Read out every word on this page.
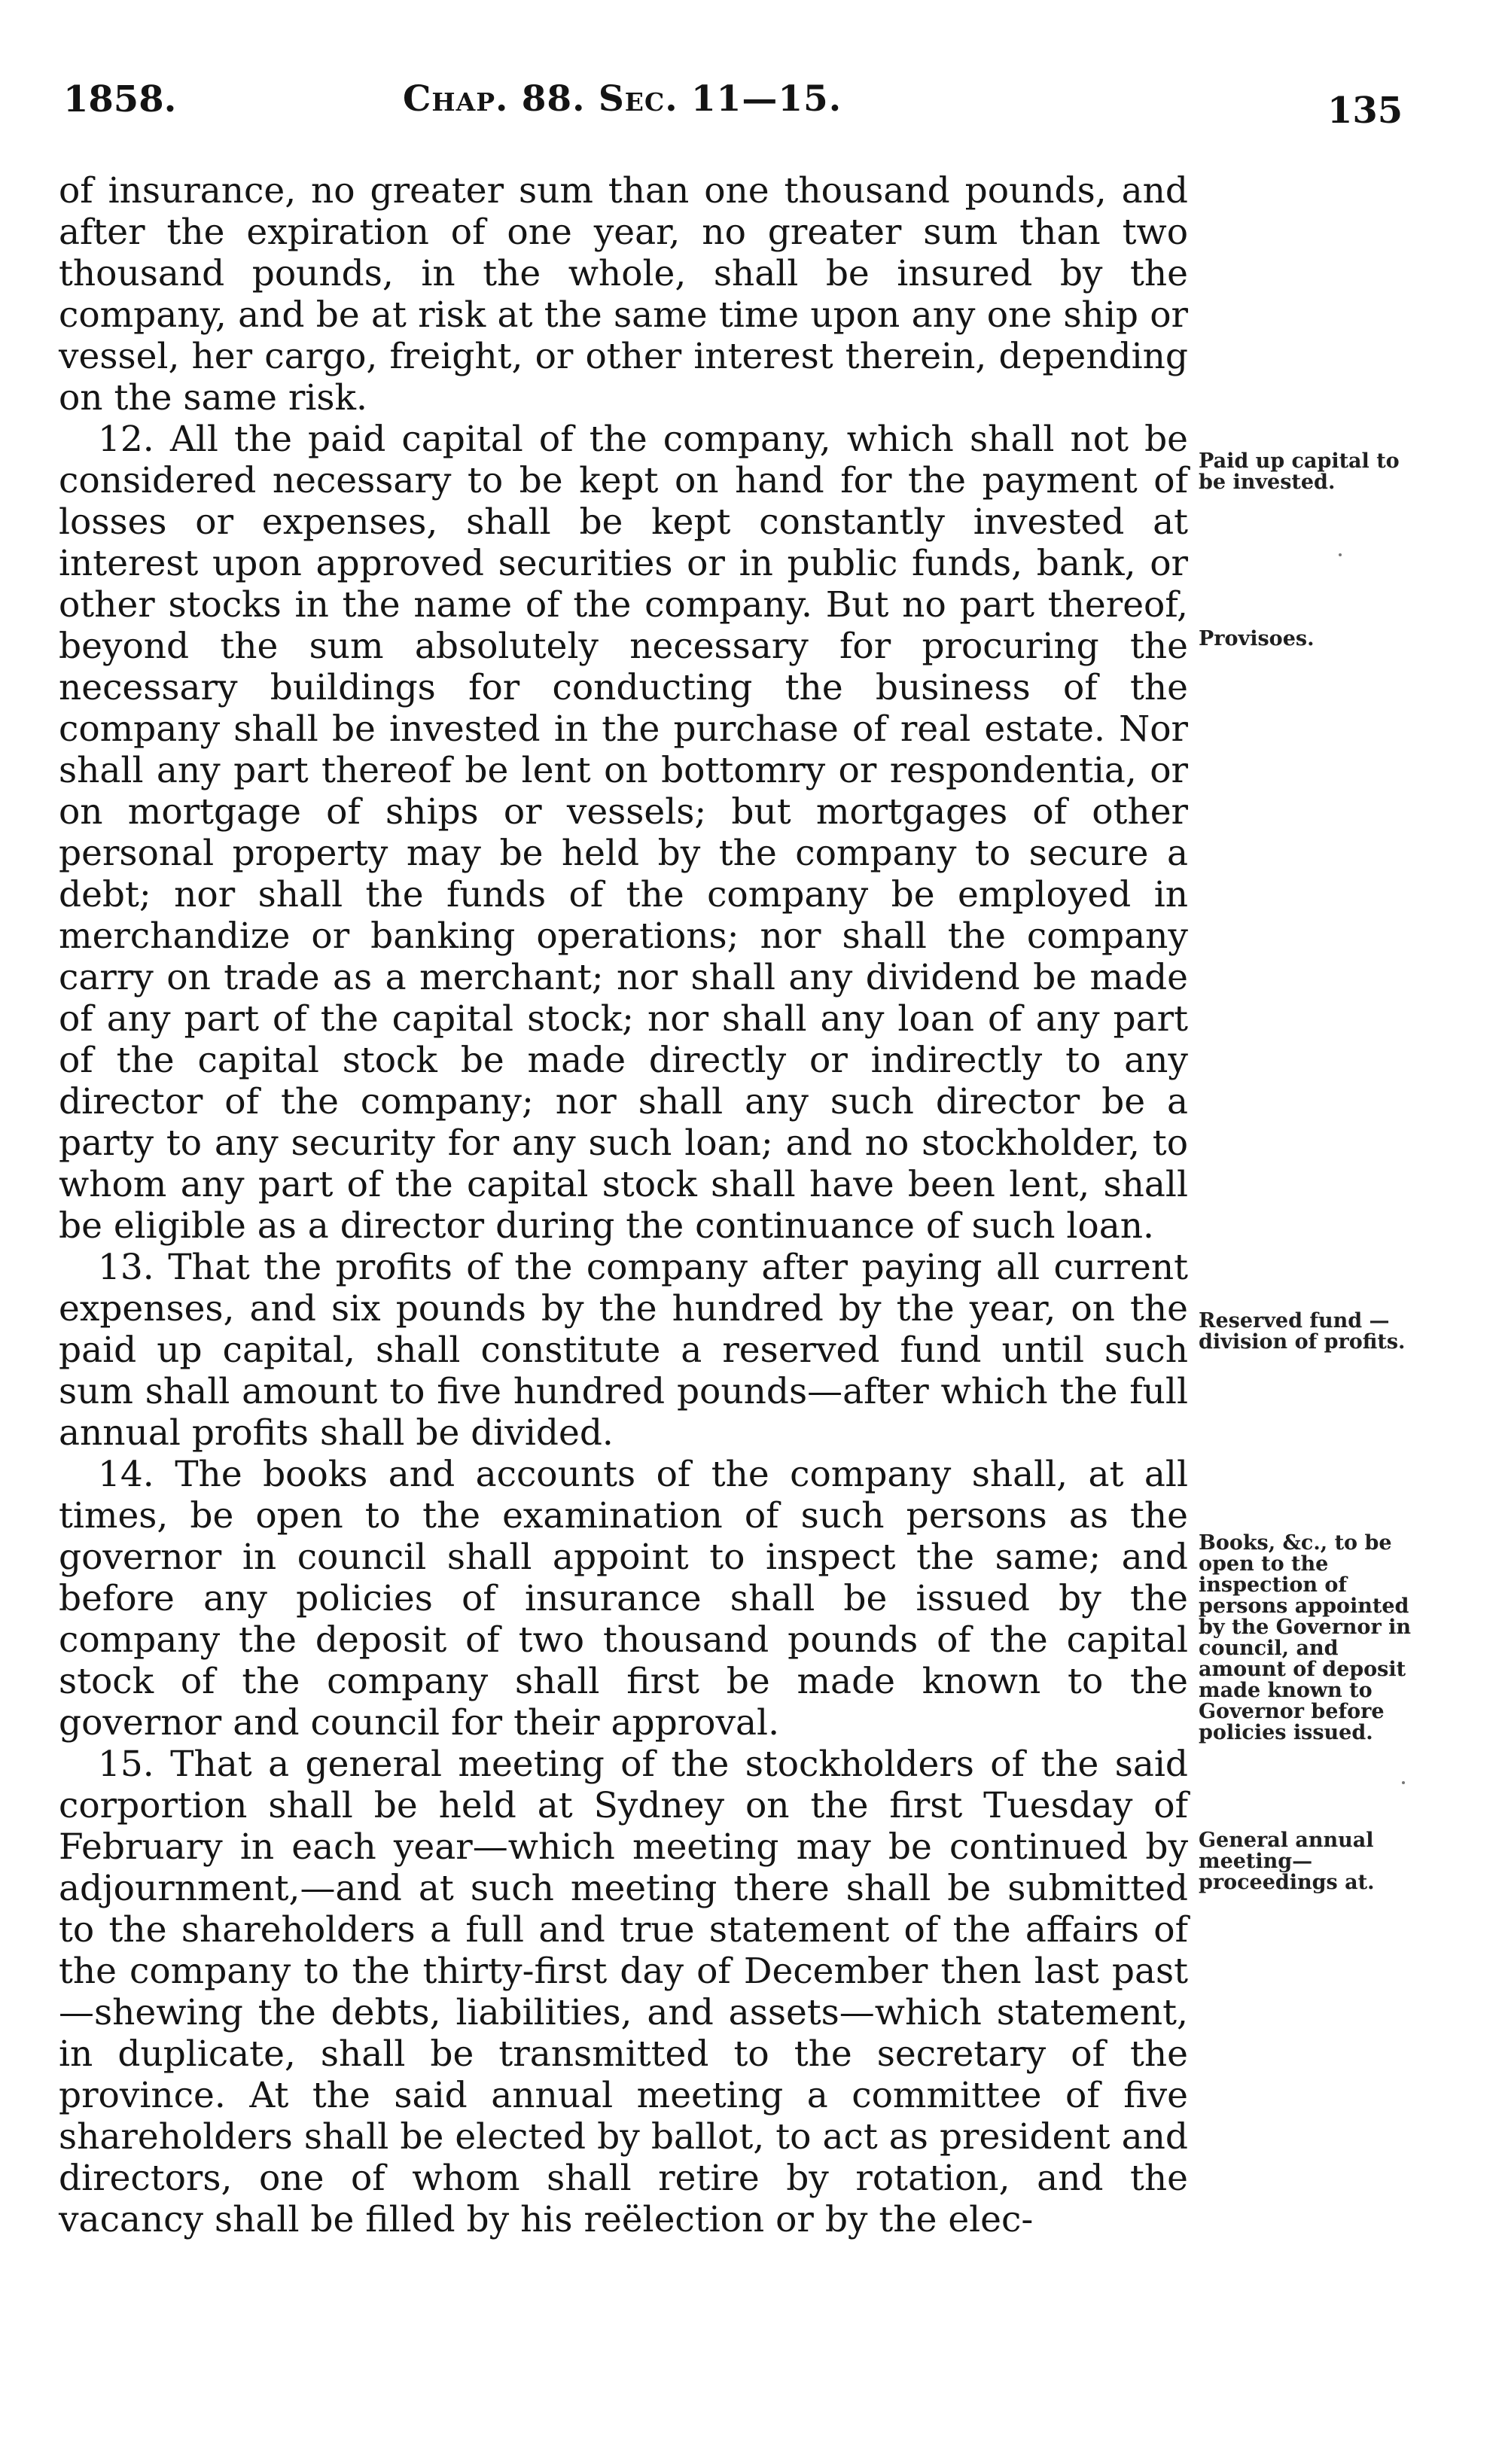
1858.	Chap. 88. Sec. 11—15.	135

of insurance, no greater sum than one thousand pounds, and after the expiration of one year, no greater sum than two thousand pounds, in the whole, shall be insured by the company, and be at risk at the same time upon any one ship or vessel, her cargo, freight, or other interest therein, depending on the same risk.

12. All the paid capital of the company, which shall not be considered necessary to be kept on hand for the payment of losses or expenses, shall be kept constantly invested at interest upon approved securities or in public funds, bank, or other stocks in the name of the company. But no part thereof, beyond the sum absolutely necessary for procuring the necessary buildings for conducting the business of the company shall be invested in the purchase of real estate. Nor shall any part thereof be lent on bottomry or respondentia, or on mortgage of ships or vessels; but mortgages of other personal property may be held by the company to secure a debt; nor shall the funds of the company be employed in merchandize or banking operations; nor shall the company carry on trade as a merchant; nor shall any dividend be made of any part of the capital stock; nor shall any loan of any part of the capital stock be made directly or indirectly to any director of the company; nor shall any such director be a party to any security for any such loan; and no stockholder, to whom any part of the capital stock shall have been lent, shall be eligible as a director during the continuance of such loan.

13. That the profits of the company after paying all current expenses, and six pounds by the hundred by the year, on the paid up capital, shall constitute a reserved fund until such sum shall amount to five hundred pounds—after which the full annual profits shall be divided.

14. The books and accounts of the company shall, at all times, be open to the examination of such persons as the governor in council shall appoint to inspect the same; and before any policies of insurance shall be issued by the company the deposit of two thousand pounds of the capital stock of the company shall first be made known to the governor and council for their approval.

15. That a general meeting of the stockholders of the said corportion shall be held at Sydney on the first Tuesday of February in each year—which meeting may be continued by adjournment,—and at such meeting there shall be submitted to the shareholders a full and true statement of the affairs of the company to the thirty-first day of December then last past—shewing the debts, liabilities, and assets—which statement, in duplicate, shall be transmitted to the secretary of the province. At the said annual meeting a committee of five shareholders shall be elected by ballot, to act as president and directors, one of whom shall retire by rotation, and the vacancy shall be filled by his reëlection or by the elec-

Paid up capital to be invested.
Provisoes.
Reserved fund —division of profits.
Books, &c., to be open to the inspection of persons appointed by the Governor in council, and amount of deposit made known to Governor before policies issued.
General annual meeting—proceedings at.
